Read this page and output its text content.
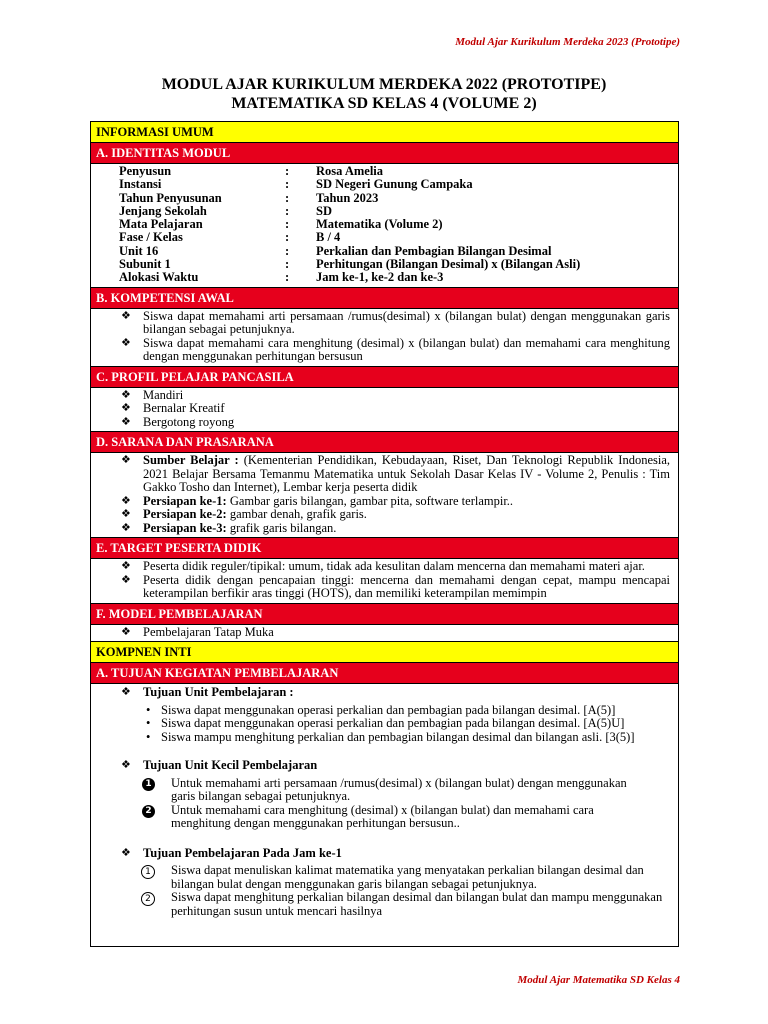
Modul Ajar Kurikulum Merdeka 2023 (Prototipe)
MODUL AJAR KURIKULUM MERDEKA 2022 (PROTOTIPE)
MATEMATIKA SD KELAS 4 (VOLUME 2)
INFORMASI UMUM
A. IDENTITAS MODUL
Penyusun	:	Rosa Amelia
Instansi	:	SD Negeri Gunung Campaka
Tahun Penyusunan	:	Tahun 2023
Jenjang Sekolah	:	SD
Mata Pelajaran	:	Matematika (Volume 2)
Fase / Kelas	:	B / 4
Unit 16	:	Perkalian dan Pembagian Bilangan Desimal
Subunit 1	:	Perhitungan (Bilangan Desimal) x (Bilangan Asli)
Alokasi Waktu	:	Jam ke-1, ke-2 dan ke-3
B. KOMPETENSI AWAL
❖ Siswa dapat memahami arti persamaan /rumus(desimal) x (bilangan bulat) dengan menggunakan garis bilangan sebagai petunjuknya.
❖ Siswa dapat memahami cara menghitung (desimal) x (bilangan bulat) dan memahami cara menghitung dengan menggunakan perhitungan bersusun
C. PROFIL PELAJAR PANCASILA
❖ Mandiri
❖ Bernalar Kreatif
❖ Bergotong royong
D. SARANA DAN PRASARANA
❖ Sumber Belajar : (Kementerian Pendidikan, Kebudayaan, Riset, Dan Teknologi Republik Indonesia, 2021 Belajar Bersama Temanmu Matematika untuk Sekolah Dasar Kelas IV - Volume 2, Penulis : Tim Gakko Tosho dan Internet), Lembar kerja peserta didik
❖ Persiapan ke-1: Gambar garis bilangan, gambar pita, software terlampir..
❖ Persiapan ke-2: gambar denah, grafik garis.
❖ Persiapan ke-3: grafik garis bilangan.
E. TARGET PESERTA DIDIK
❖ Peserta didik reguler/tipikal: umum, tidak ada kesulitan dalam mencerna dan memahami materi ajar.
❖ Peserta didik dengan pencapaian tinggi: mencerna dan memahami dengan cepat, mampu mencapai keterampilan berfikir aras tinggi (HOTS), dan memiliki keterampilan memimpin
F. MODEL PEMBELAJARAN
❖ Pembelajaran Tatap Muka
KOMPNEN INTI
A. TUJUAN KEGIATAN PEMBELAJARAN
❖ Tujuan Unit Pembelajaran :
• Siswa dapat menggunakan operasi perkalian dan pembagian pada bilangan desimal. [A(5)]
• Siswa dapat menggunakan operasi perkalian dan pembagian pada bilangan desimal. [A(5)U]
• Siswa mampu menghitung perkalian dan pembagian bilangan desimal dan bilangan asli. [3(5)]
❖ Tujuan Unit Kecil Pembelajaran
1 Untuk memahami arti persamaan /rumus(desimal) x (bilangan bulat) dengan menggunakan garis bilangan sebagai petunjuknya.
2 Untuk memahami cara menghitung (desimal) x (bilangan bulat) dan memahami cara menghitung dengan menggunakan perhitungan bersusun..
❖ Tujuan Pembelajaran Pada Jam ke-1
1	Siswa dapat menuliskan kalimat matematika yang menyatakan perkalian bilangan desimal dan bilangan bulat dengan menggunakan garis bilangan sebagai petunjuknya.
2	Siswa dapat menghitung perkalian bilangan desimal dan bilangan bulat dan mampu menggunakan perhitungan susun untuk mencari hasilnya
Modul Ajar Matematika SD Kelas 4
